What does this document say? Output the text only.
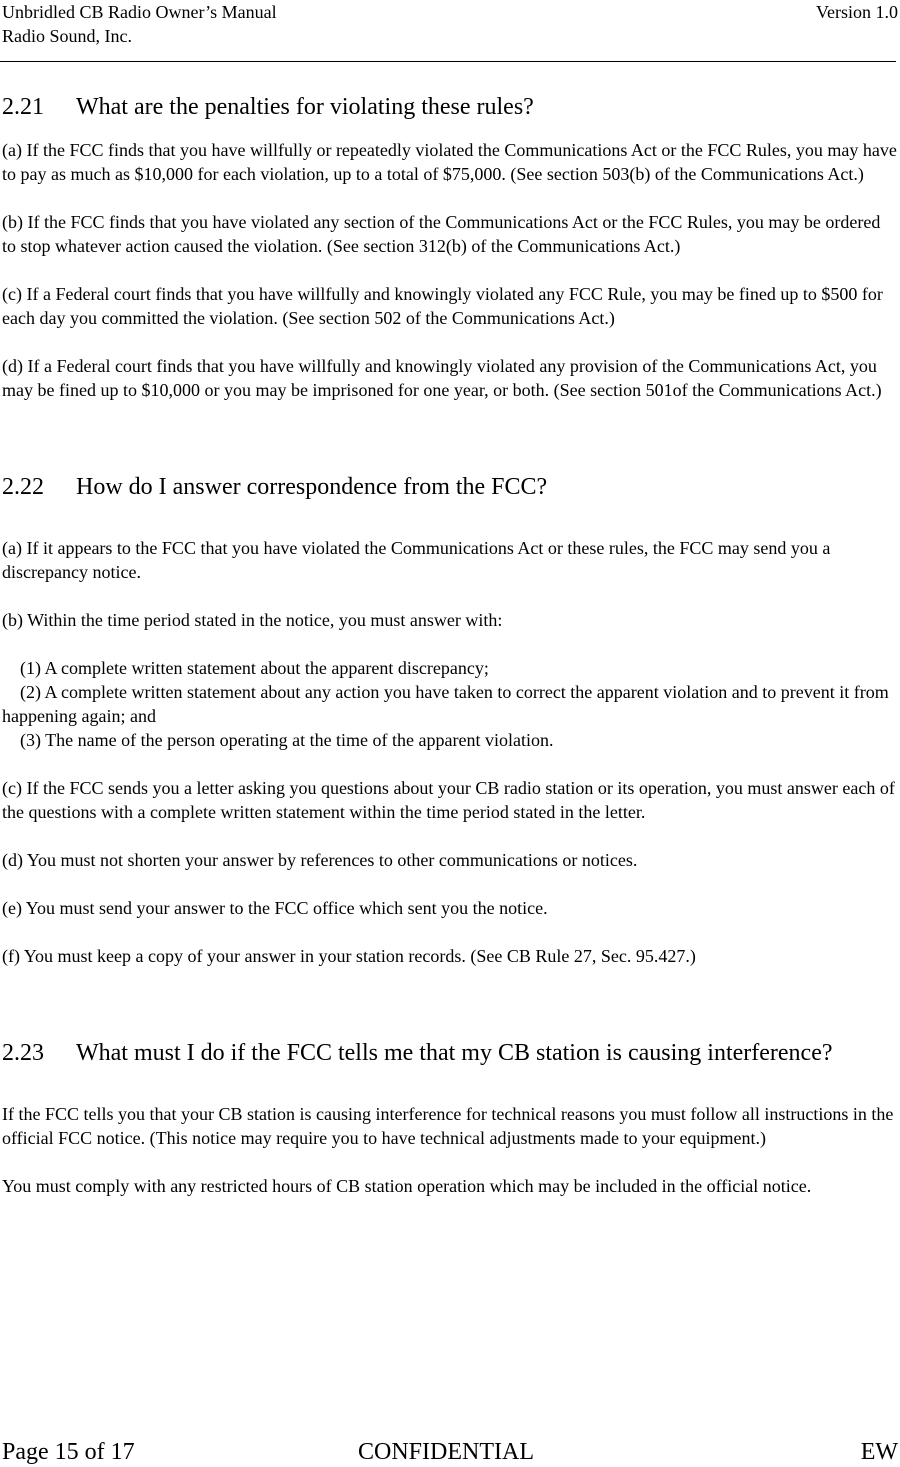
Unbridled CB Radio Owner’s Manual	Version 1.0
Radio Sound, Inc.
2.21	What are the penalties for violating these rules?

(a) If the FCC finds that you have willfully or repeatedly violated the Communications Act or the FCC Rules, you may have to pay as much as $10,000 for each violation, up to a total of $75,000. (See section 503(b) of the Communications Act.)

(b) If the FCC finds that you have violated any section of the Communications Act or the FCC Rules, you may be ordered to stop whatever action caused the violation. (See section 312(b) of the Communications Act.)

(c) If a Federal court finds that you have willfully and knowingly violated any FCC Rule, you may be fined up to $500 for each day you committed the violation. (See section 502 of the Communications Act.)

(d) If a Federal court finds that you have willfully and knowingly violated any provision of the Communications Act, you may be fined up to $10,000 or you may be imprisoned for one year, or both. (See section 501of the Communications Act.)

2.22	How do I answer correspondence from the FCC?

(a) If it appears to the FCC that you have violated the Communications Act or these rules, the FCC may send you a discrepancy notice.

(b) Within the time period stated in the notice, you must answer with:

(1) A complete written statement about the apparent discrepancy;

(2) A complete written statement about any action you have taken to correct the apparent violation and to prevent it from happening again; and

(3) The name of the person operating at the time of the apparent violation.

(c) If the FCC sends you a letter asking you questions about your CB radio station or its operation, you must answer each of the questions with a complete written statement within the time period stated in the letter.

(d) You must not shorten your answer by references to other communications or notices.

(e) You must send your answer to the FCC office which sent you the notice.

(f) You must keep a copy of your answer in your station records. (See CB Rule 27, Sec. 95.427.)

2.23	What must I do if the FCC tells me that my CB station is causing interference?

If the FCC tells you that your CB station is causing interference for technical reasons you must follow all instructions in the official FCC notice. (This notice may require you to have technical adjustments made to your equipment.)

You must comply with any restricted hours of CB station operation which may be included in the official notice.

Page 15 of 17	CONFIDENTIAL	EW
